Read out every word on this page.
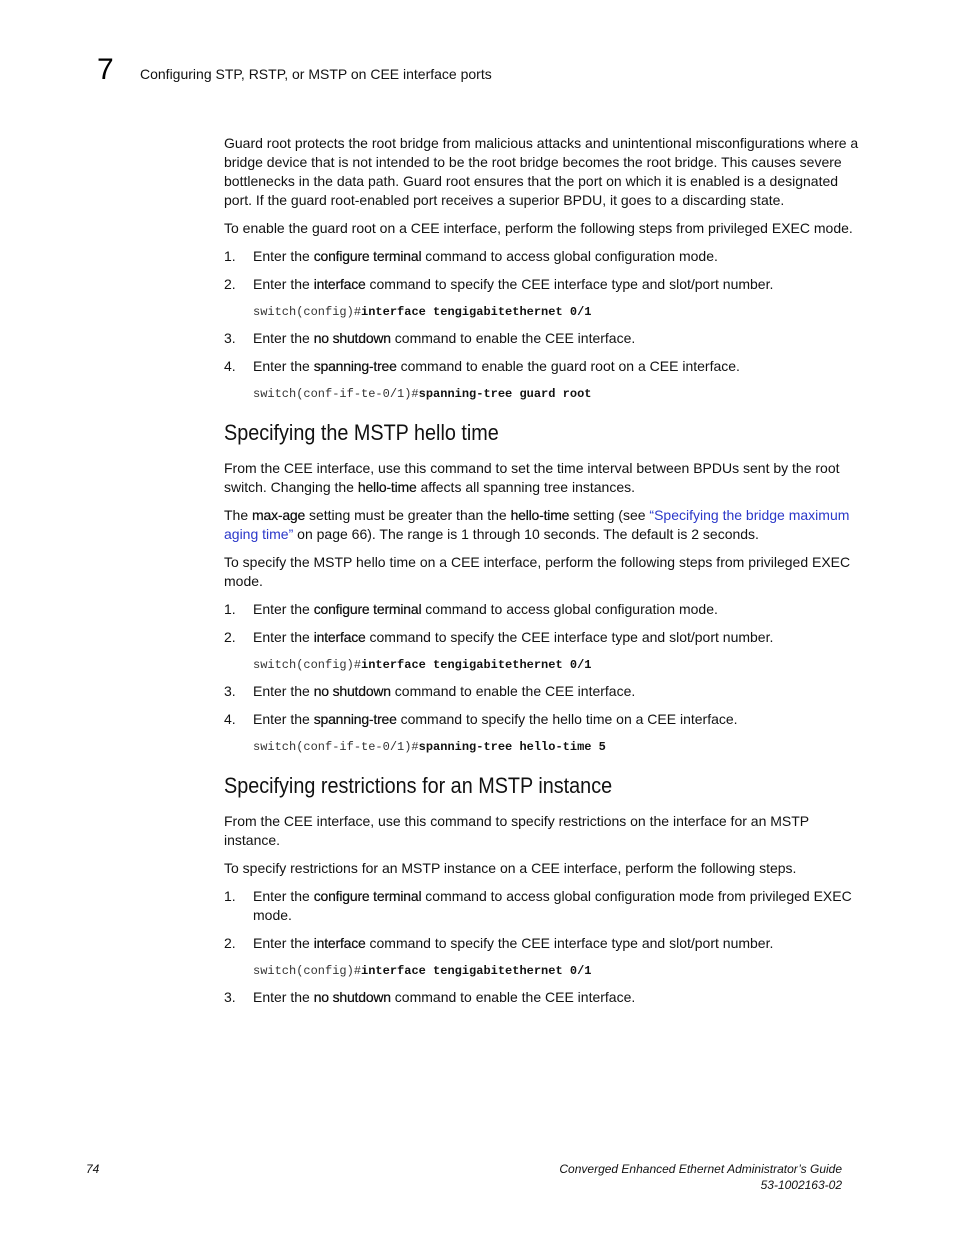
7 Configuring STP, RSTP, or MSTP on CEE interface ports

Guard root protects the root bridge from malicious attacks and unintentional misconfigurations where a bridge device that is not intended to be the root bridge becomes the root bridge. This causes severe bottlenecks in the data path. Guard root ensures that the port on which it is enabled is a designated port. If the guard root-enabled port receives a superior BPDU, it goes to a discarding state.

To enable the guard root on a CEE interface, perform the following steps from privileged EXEC mode.

1. Enter the configure terminal command to access global configuration mode.
2. Enter the interface command to specify the CEE interface type and slot/port number.
switch(config)#interface tengigabitethernet 0/1
3. Enter the no shutdown command to enable the CEE interface.
4. Enter the spanning-tree command to enable the guard root on a CEE interface.
switch(conf-if-te-0/1)#spanning-tree guard root
Specifying the MSTP hello time

From the CEE interface, use this command to set the time interval between BPDUs sent by the root switch. Changing the hello-time affects all spanning tree instances.

The max-age setting must be greater than the hello-time setting (see “Specifying the bridge maximum aging time” on page 66). The range is 1 through 10 seconds. The default is 2 seconds.

To specify the MSTP hello time on a CEE interface, perform the following steps from privileged EXEC mode.

1. Enter the configure terminal command to access global configuration mode.
2. Enter the interface command to specify the CEE interface type and slot/port number.
switch(config)#interface tengigabitethernet 0/1
3. Enter the no shutdown command to enable the CEE interface.
4. Enter the spanning-tree command to specify the hello time on a CEE interface.
switch(conf-if-te-0/1)#spanning-tree hello-time 5
Specifying restrictions for an MSTP instance

From the CEE interface, use this command to specify restrictions on the interface for an MSTP instance.

To specify restrictions for an MSTP instance on a CEE interface, perform the following steps.

1. Enter the configure terminal command to access global configuration mode from privileged EXEC mode.
2. Enter the interface command to specify the CEE interface type and slot/port number.
switch(config)#interface tengigabitethernet 0/1
3. Enter the no shutdown command to enable the CEE interface.
74	Converged Enhanced Ethernet Administrator’s Guide
53-1002163-02
